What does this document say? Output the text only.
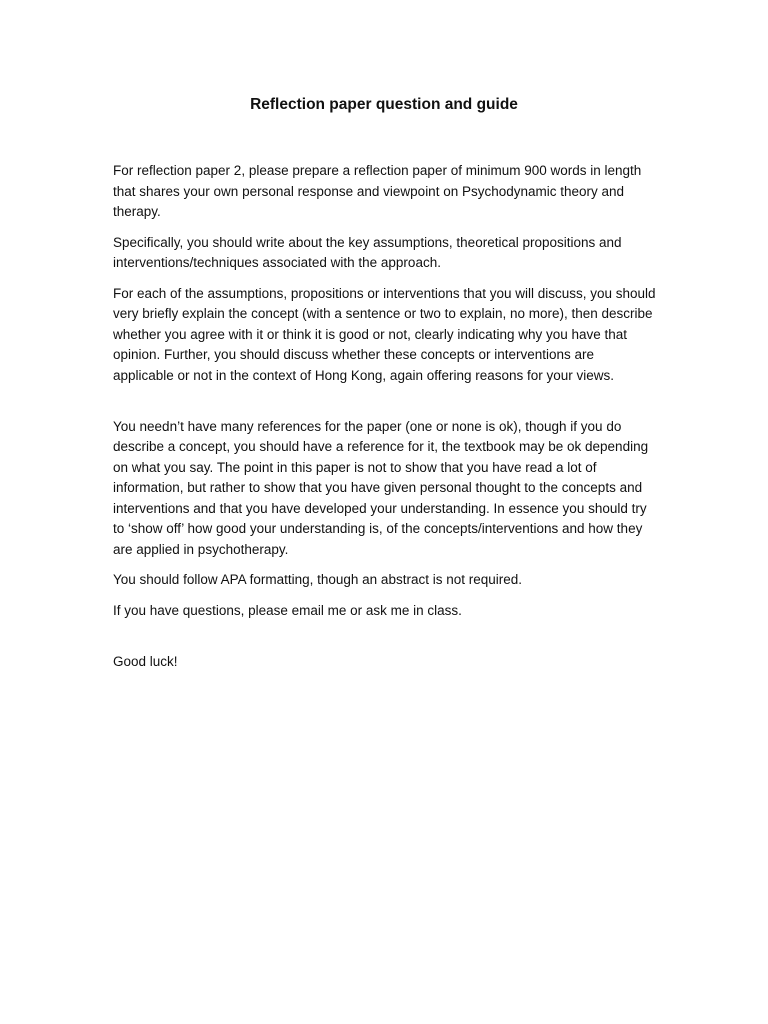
Reflection paper question and guide

For reflection paper 2, please prepare a reflection paper of minimum 900 words in length that shares your own personal response and viewpoint on Psychodynamic theory and therapy.

Specifically, you should write about the key assumptions, theoretical propositions and interventions/techniques associated with the approach.

For each of the assumptions, propositions or interventions that you will discuss, you should very briefly explain the concept (with a sentence or two to explain, no more), then describe whether you agree with it or think it is good or not, clearly indicating why you have that opinion. Further, you should discuss whether these concepts or interventions are applicable or not in the context of Hong Kong, again offering reasons for your views.

You needn’t have many references for the paper (one or none is ok), though if you do describe a concept, you should have a reference for it, the textbook may be ok depending on what you say. The point in this paper is not to show that you have read a lot of information, but rather to show that you have given personal thought to the concepts and interventions and that you have developed your understanding. In essence you should try to ‘show off’ how good your understanding is, of the concepts/interventions and how they are applied in psychotherapy.

You should follow APA formatting, though an abstract is not required.

If you have questions, please email me or ask me in class.

Good luck!
